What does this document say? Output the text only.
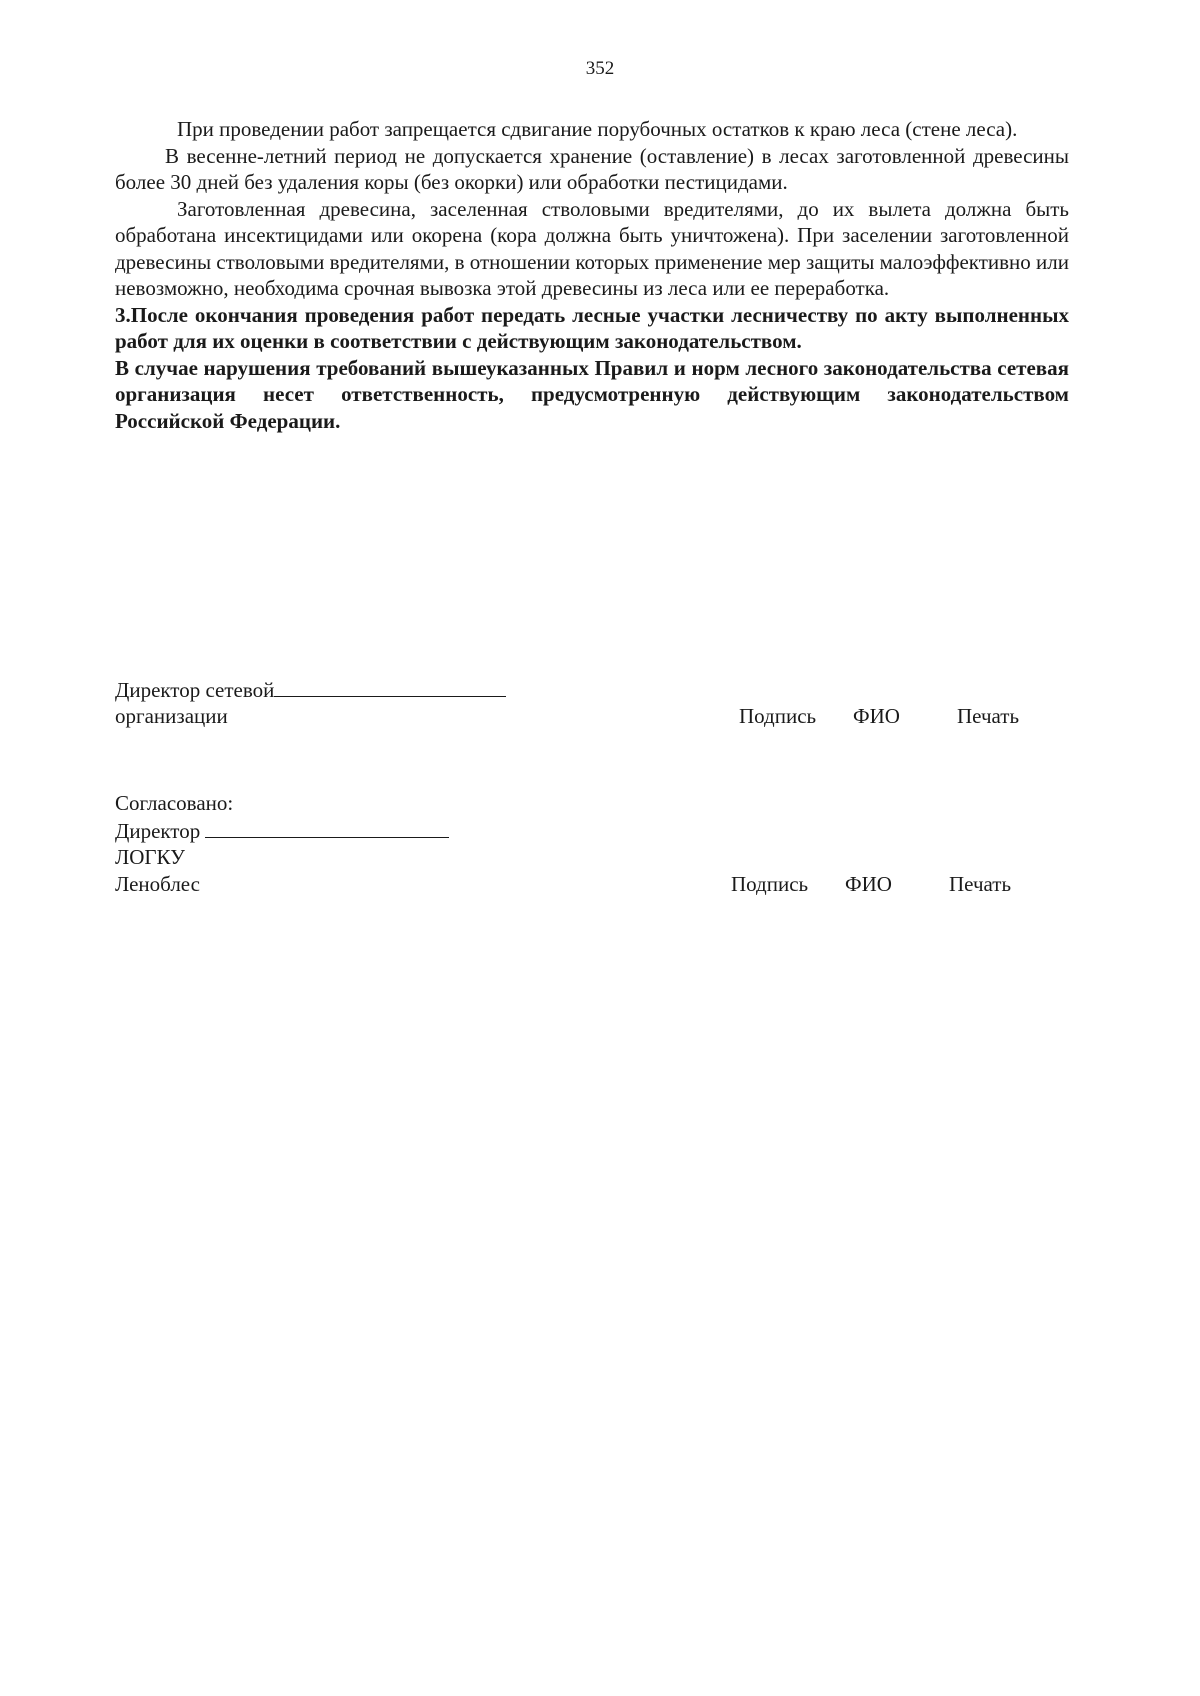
352

При проведении работ запрещается сдвигание порубочных остатков к краю леса (стене леса).

В весенне-летний период не допускается хранение (оставление) в лесах заготовленной древесины более 30 дней без удаления коры (без окорки) или обработки пестицидами.

Заготовленная древесина, заселенная стволовыми вредителями, до их вылета должна быть обработана инсектицидами или окорена (кора должна быть уничтожена). При заселении заготовленной древесины стволовыми вредителями, в отношении которых применение мер защиты малоэффективно или невозможно, необходима срочная вывозка этой древесины из леса или ее переработка.

3.После окончания проведения работ передать лесные участки лесничеству по акту выполненных работ для их оценки в соответствии с действующим законодательством.

В случае нарушения требований вышеуказанных Правил и норм лесного законодательства сетевая организация несет ответственность, предусмотренную действующим законодательством Российской Федерации.

Директор сетевой
организации	Подпись	ФИО	Печать
Согласовано:
Директор
ЛОГКУ
Леноблес	Подпись	ФИО	Печать
